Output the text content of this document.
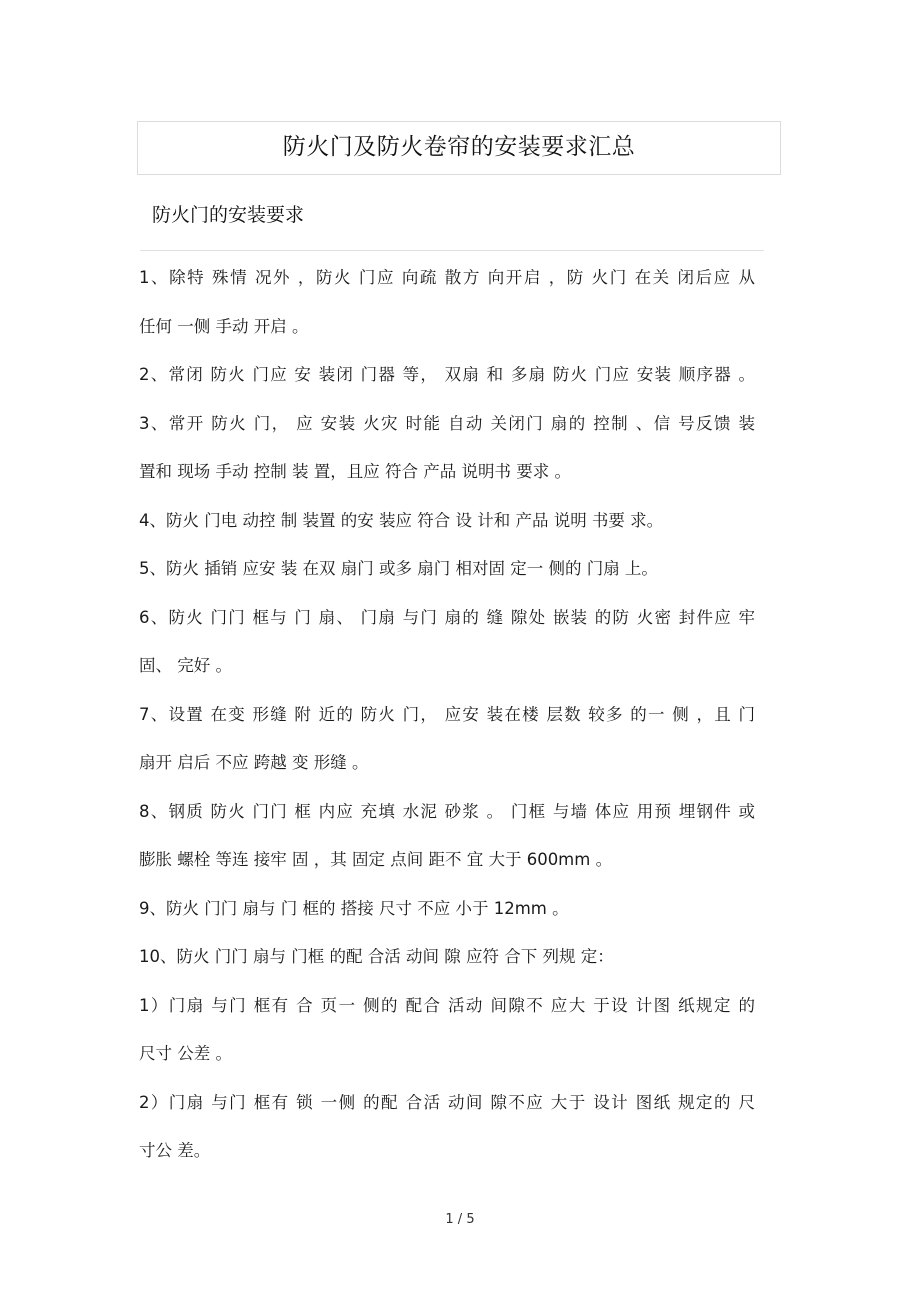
防火门及防火卷帘的安装要求汇总
防火门的安装要求
1、除特 殊情 况外 ，防火 门应 向疏 散方 向开启 ，防 火门 在关 闭后应 从
任何 一侧 手动 开启 。
2、常闭 防火 门应 安 装闭 门器 等， 双扇 和 多扇 防火 门应 安装 顺序器 。
3、常开 防火 门， 应 安装 火灾 时能 自动 关闭门 扇的 控制 、信 号反馈 装
置和 现场 手动 控制 装 置，且应 符合 产品 说明书 要求 。
4、防火 门电 动控 制 装置 的安 装应 符合 设 计和 产品 说明 书要 求。
5、防火 插销 应安 装 在双 扇门 或多 扇门 相对固 定一 侧的 门扇 上。
6、防火 门门 框与 门 扇、 门扇 与门 扇的 缝 隙处 嵌装 的防 火密 封件应 牢
固、 完好 。
7、设置 在变 形缝 附 近的 防火 门， 应安 装在楼 层数 较多 的一 侧 ，且 门
扇开 启后 不应 跨越 变 形缝 。
8、钢质 防火 门门 框 内应 充填 水泥 砂浆 。 门框 与墙 体应 用预 埋钢件 或
膨胀 螺栓 等连 接牢 固 ，其 固定 点间 距不 宜 大于 600mm 。
9、防火 门门 扇与 门 框的 搭接 尺寸 不应 小于 12mm 。
10、防火 门门 扇与 门框 的配 合活 动间 隙 应符 合下 列规 定：
1）门扇 与门 框有 合 页一 侧的 配合 活动 间隙不 应大 于设 计图 纸规定 的
尺寸 公差 。
2）门扇 与门 框有 锁 一侧 的配 合活 动间 隙不应 大于 设计 图纸 规定的 尺
寸公 差。
1 / 5
